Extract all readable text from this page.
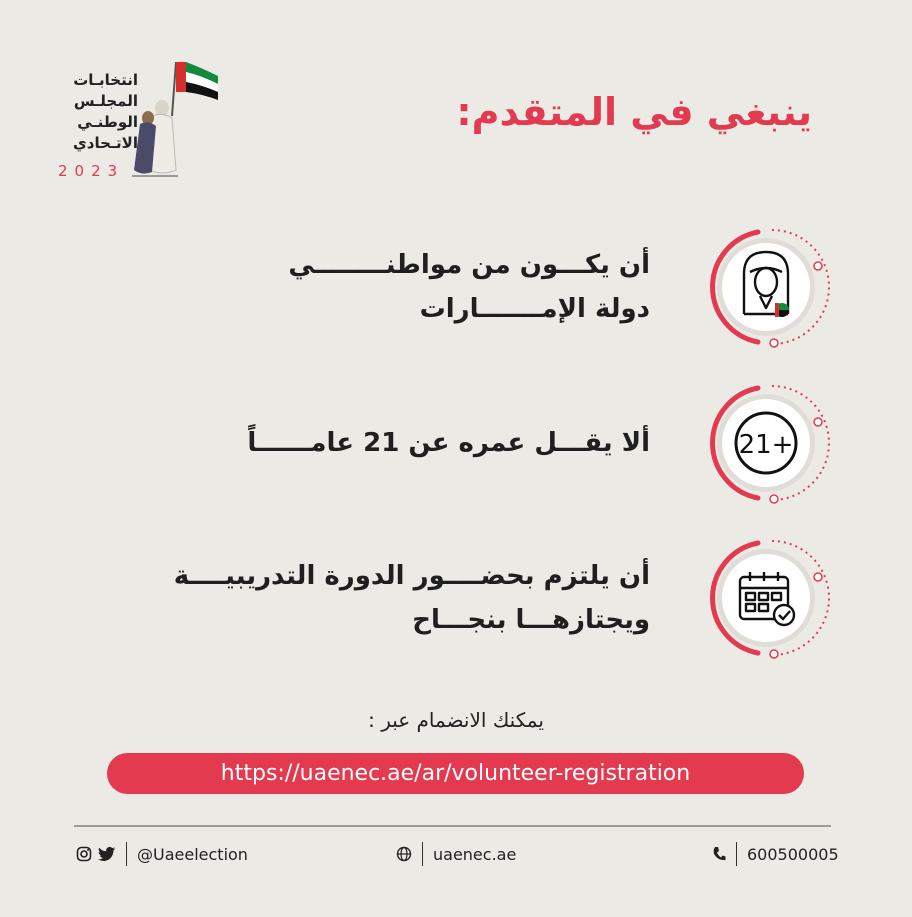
انتخابـات
المجلـس
الوطنـي
الاتـحادي
2023
ينبغي في المتقدم:
أن يكـــون من مواطنــــــــي
دولة الإمـــــــارات
ألا يقـــل عمره عن 21 عامــــــاً	21+
أن يلتزم بحضــــور الدورة التدريبيــــة
ويجتازهـــا بنجـــاح
يمكنك الانضمام عبر :
https://uaenec.ae/ar/volunteer-registration
@Uaeelection	uaenec.ae	600500005
